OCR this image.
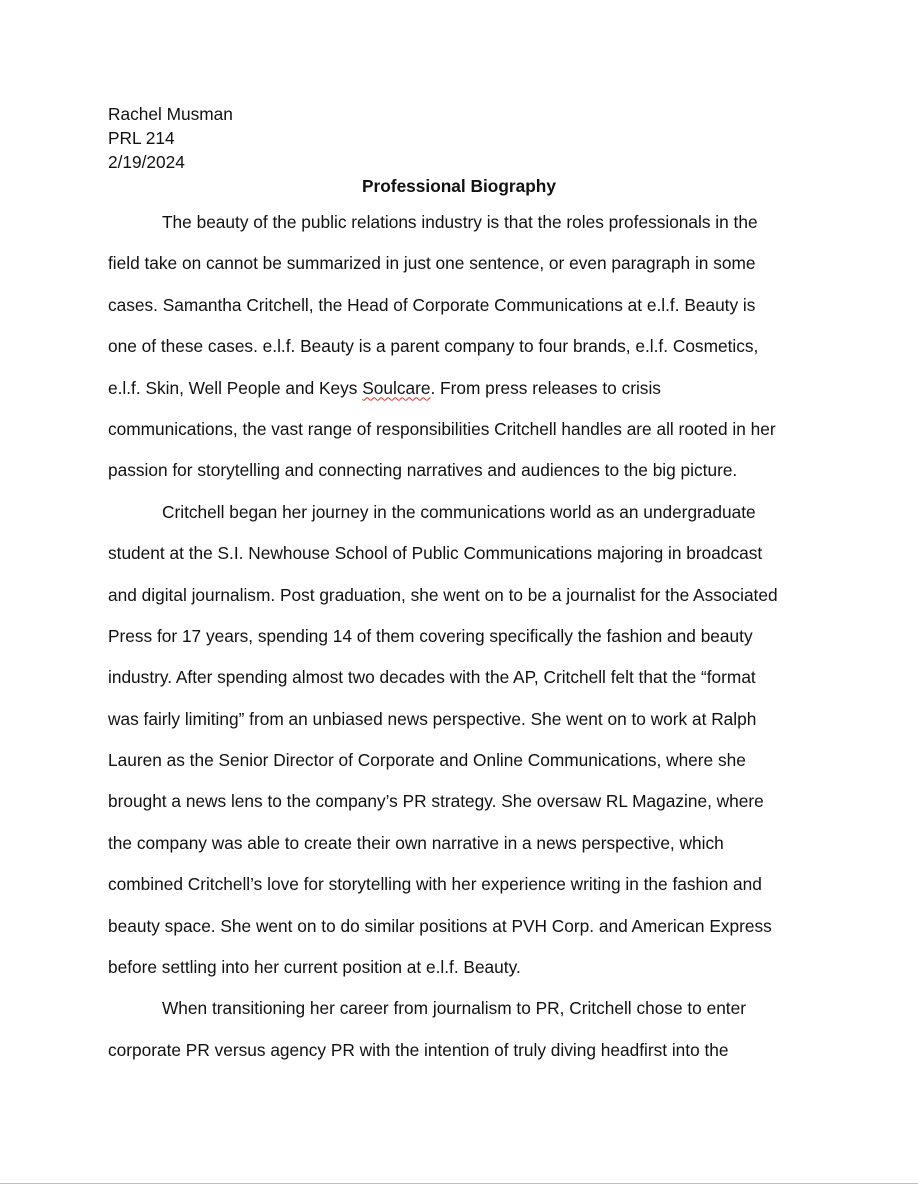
Rachel Musman
PRL 214
2/19/2024
Professional Biography
The beauty of the public relations industry is that the roles professionals in the
field take on cannot be summarized in just one sentence, or even paragraph in some
cases. Samantha Critchell, the Head of Corporate Communications at e.l.f. Beauty is
one of these cases. e.l.f. Beauty is a parent company to four brands, e.l.f. Cosmetics,
e.l.f. Skin, Well People and Keys Soulcare. From press releases to crisis
communications, the vast range of responsibilities Critchell handles are all rooted in her
passion for storytelling and connecting narratives and audiences to the big picture.
Critchell began her journey in the communications world as an undergraduate
student at the S.I. Newhouse School of Public Communications majoring in broadcast
and digital journalism. Post graduation, she went on to be a journalist for the Associated
Press for 17 years, spending 14 of them covering specifically the fashion and beauty
industry. After spending almost two decades with the AP, Critchell felt that the “format
was fairly limiting” from an unbiased news perspective. She went on to work at Ralph
Lauren as the Senior Director of Corporate and Online Communications, where she
brought a news lens to the company’s PR strategy. She oversaw RL Magazine, where
the company was able to create their own narrative in a news perspective, which
combined Critchell’s love for storytelling with her experience writing in the fashion and
beauty space. She went on to do similar positions at PVH Corp. and American Express
before settling into her current position at e.l.f. Beauty.
When transitioning her career from journalism to PR, Critchell chose to enter
corporate PR versus agency PR with the intention of truly diving headfirst into the
